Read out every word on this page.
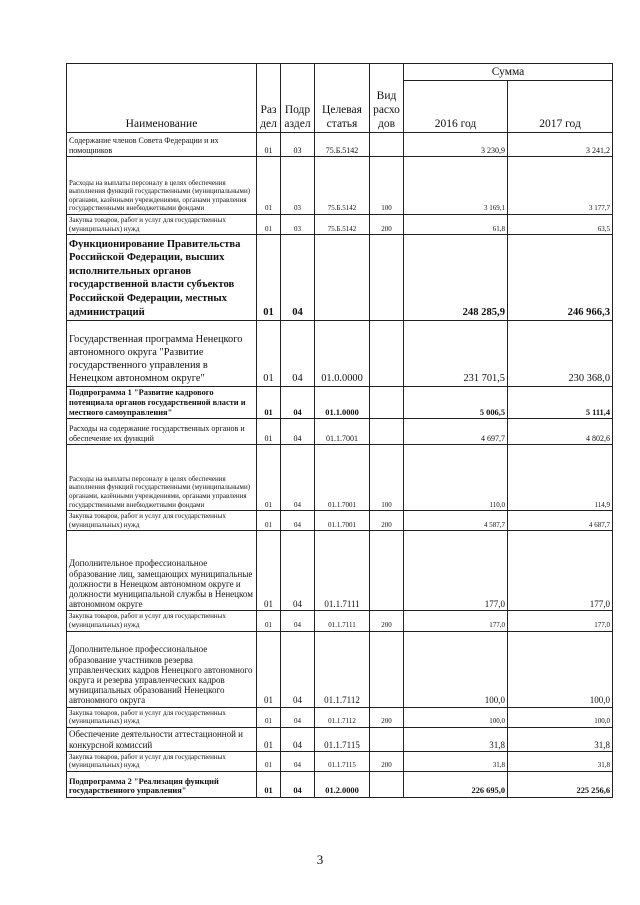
Наименование	Раз дел	Подр аздел	Целевая статья	Вид расхо дов	Сумма	
					2016 год	2017 год
Содержание членов Совета Федерации и их помощников	01	03	75.Б.5142		3 230,9	3 241,2
Расходы на выплаты персоналу в целях обеспечения выполнения функций государственными (муниципальными) органами, казёнными учреждениями, органами управления государственными внебюджетными фондами	01	03	75.Б.5142	100	3 169,1	3 177,7
Закупка товаров, работ и услуг для государственных (муниципальных) нужд	01	03	75.Б.5142	200	61,8	63,5
Функционирование Правительства Российской Федерации, высших исполнительных органов государственной власти субъектов Российской Федерации, местных администраций	01	04			248 285,9	246 966,3
Государственная программа Ненецкого автономного округа "Развитие государственного управления в Ненецком автономном округе"	01	04	01.0.0000		231 701,5	230 368,0
Подпрограмма 1 "Развитие кадрового потенциала органов государственной власти и местного самоуправления"	01	04	01.1.0000		5 006,5	5 111,4
Расходы на содержание государственных органов и обеспечение их функций	01	04	01.1.7001		4 697,7	4 802,6
Расходы на выплаты персоналу в целях обеспечения выполнения функций государственными (муниципальными) органами, казёнными учреждениями, органами управления государственными внебюджетными фондами	01	04	01.1.7001	100	110,0	114,9
Закупка товаров, работ и услуг для государственных (муниципальных) нужд	01	04	01.1.7001	200	4 587,7	4 687,7
Дополнительное профессиональное образование лиц, замещающих муниципальные должности в Ненецком автономном округе и должности муниципальной службы в Ненецком автономном округе	01	04	01.1.7111		177,0	177,0
Закупка товаров, работ и услуг для государственных (муниципальных) нужд	01	04	01.1.7111	200	177,0	177,0
Дополнительное профессиональное образование участников резерва управленческих кадров Ненецкого автономного округа и резерва управленческих кадров муниципальных образований Ненецкого автономного округа	01	04	01.1.7112		100,0	100,0
Закупка товаров, работ и услуг для государственных (муниципальных) нужд	01	04	01.1.7112	200	100,0	100,0
Обеспечение деятельности аттестационной и конкурсной комиссий	01	04	01.1.7115		31,8	31,8
Закупка товаров, работ и услуг для государственных (муниципальных) нужд	01	04	01.1.7115	200	31,8	31,8
Подпрограмма 2 "Реализация функций государственного управления"	01	04	01.2.0000		226 695,0	225 256,6
3
